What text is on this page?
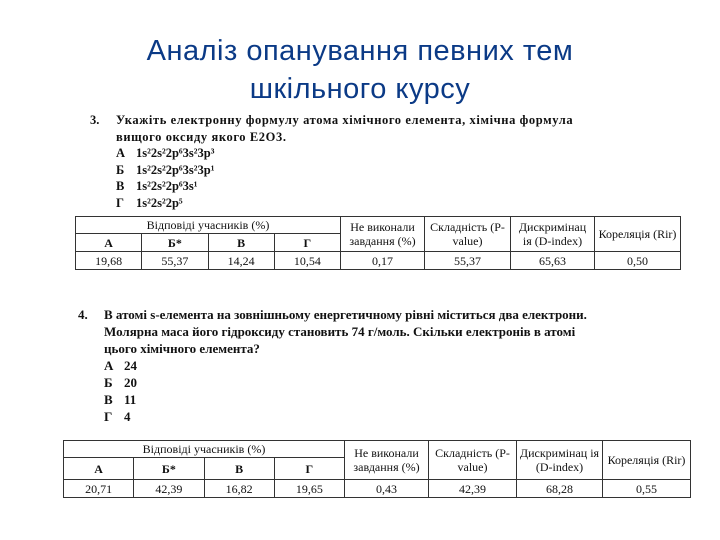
Аналіз опанування певних тем
шкільного курсу
3.	Укажіть електронну формулу атома хімічного елемента, хімічна формула вищого оксиду якого E2O3.
А 1s²2s²2p⁶3s²3p³
Б 1s²2s²2p⁶3s²3p¹
В 1s²2s²2p⁶3s¹
Г 1s²2s²2p⁵
Відповіді учасників (%)				Не виконали завдання (%)	Складність (P-value)	Дискримінац ія (D-index)	Кореляція (Rir)
А	Б*	В	Г				
19,68	55,37	14,24	10,54	0,17	55,37	65,63	0,50
4.	В атомі s-елемента на зовнішньому енергетичному рівні міститься два електрони. Молярна маса його гідроксиду становить 74 г/моль. Скільки електронів в атомі цього хімічного елемента?
А 24
Б 20
В 11
Г 4
Відповіді учасників (%)				Не виконали завдання (%)	Складність (P-value)	Дискримінац ія (D-index)	Кореляція (Rir)
А	Б*	В	Г				
20,71	42,39	16,82	19,65	0,43	42,39	68,28	0,55
